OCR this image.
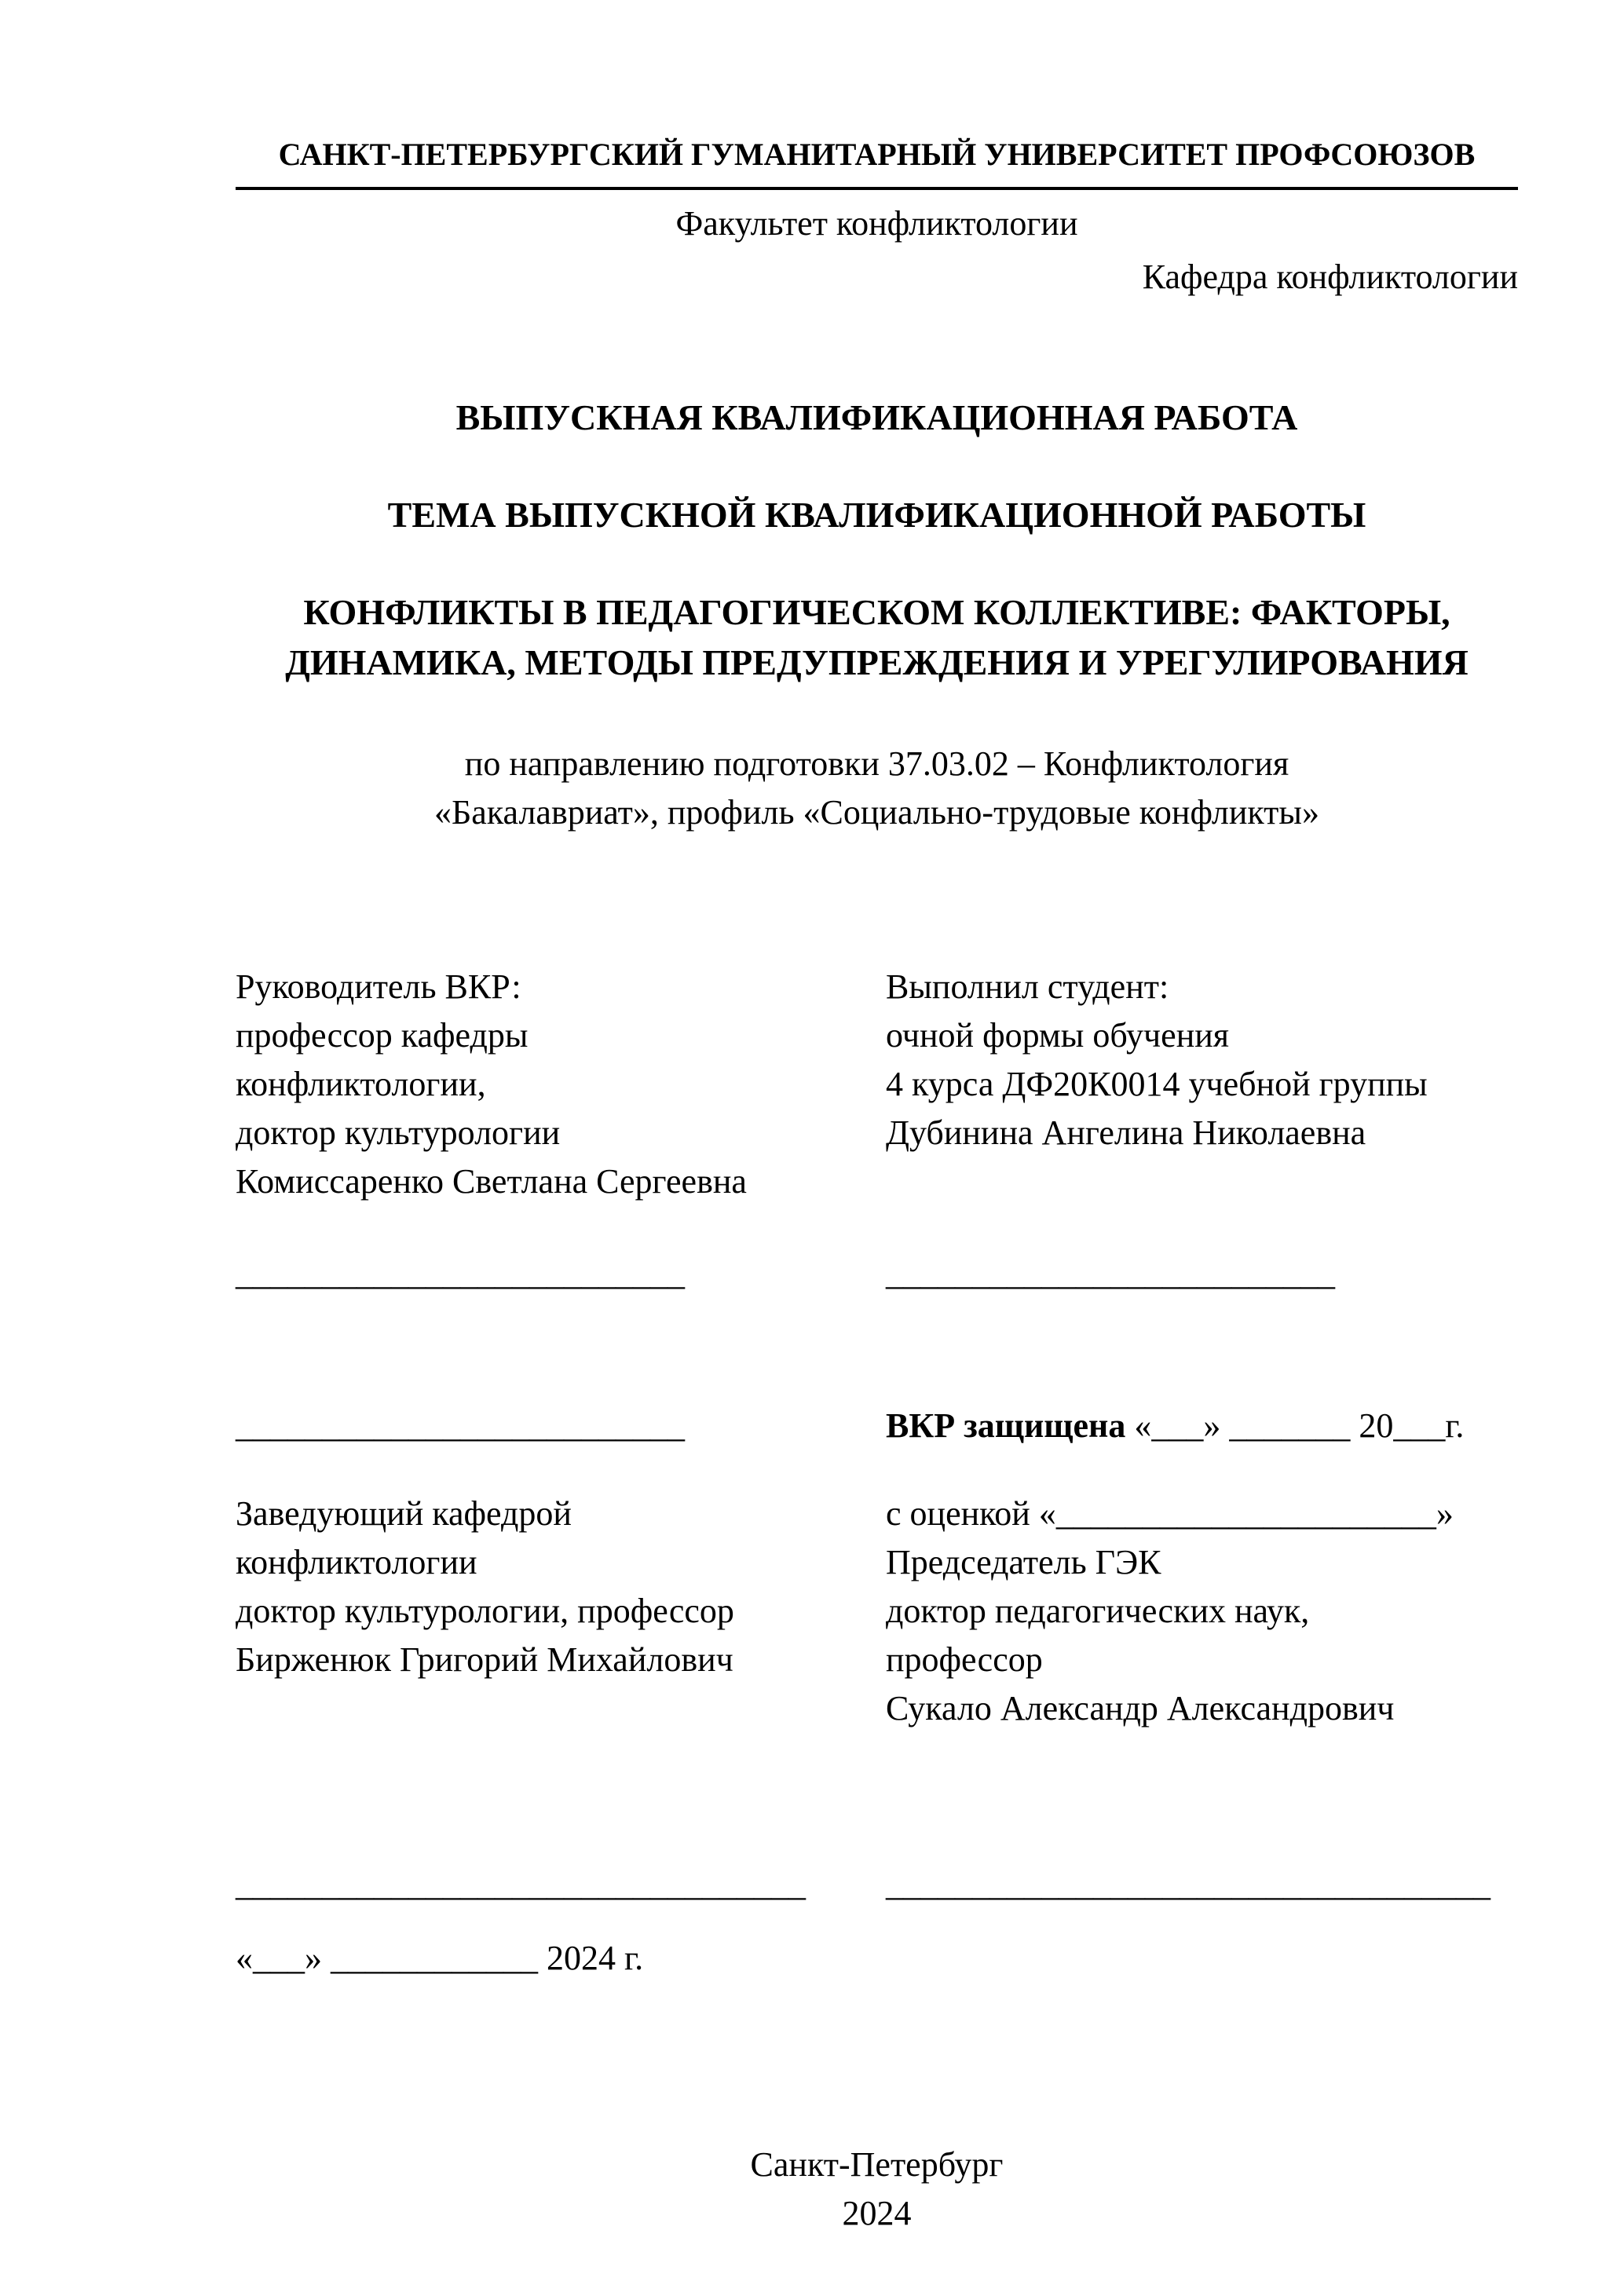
САНКТ-ПЕТЕРБУРГСКИЙ ГУМАНИТАРНЫЙ УНИВЕРСИТЕТ ПРОФСОЮЗОВ
Факультет конфликтологии
Кафедра конфликтологии
ВЫПУСКНАЯ КВАЛИФИКАЦИОННАЯ РАБОТА
ТЕМА ВЫПУСКНОЙ КВАЛИФИКАЦИОННОЙ РАБОТЫ
КОНФЛИКТЫ В ПЕДАГОГИЧЕСКОМ КОЛЛЕКТИВЕ: ФАКТОРЫ,
ДИНАМИКА, МЕТОДЫ ПРЕДУПРЕЖДЕНИЯ И УРЕГУЛИРОВАНИЯ
по направлению подготовки 37.03.02 – Конфликтология
«Бакалавриат», профиль «Социально-трудовые конфликты»
Руководитель ВКР:
профессор кафедры
конфликтологии,
доктор культурологии
Комиссаренко Светлана Сергеевна
Выполнил студент:
очной формы обучения
4 курса ДФ20К0014 учебной группы
Дубинина Ангелина Николаевна
__________________________	__________________________
__________________________	ВКР защищена «___» _______ 20___г.
Заведующий кафедрой
конфликтологии
доктор культурологии, профессор
Бирженюк Григорий Михайлович
с оценкой «______________________»
Председатель ГЭК
доктор педагогических наук,
профессор
Сукало Александр Александрович
_________________________________	___________________________________
«___» ____________ 2024 г.
Санкт-Петербург
2024
